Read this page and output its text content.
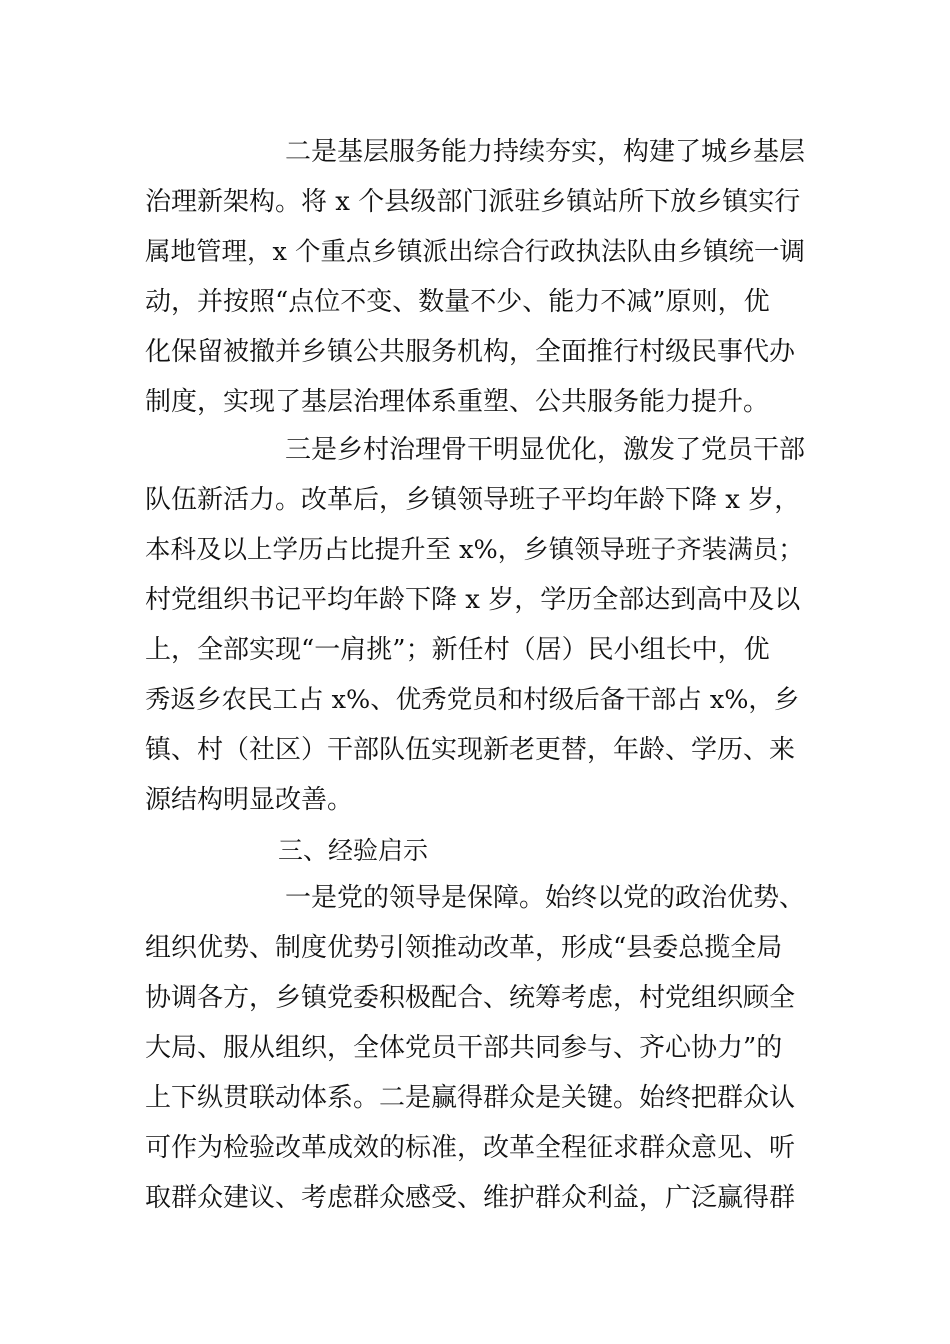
二是基层服务能力持续夯实，构建了城乡基层
治理新架构。将 x 个县级部门派驻乡镇站所下放乡镇实行
属地管理，x 个重点乡镇派出综合行政执法队由乡镇统一调
动，并按照“点位不变、数量不少、能力不减”原则，优
化保留被撤并乡镇公共服务机构，全面推行村级民事代办
制度，实现了基层治理体系重塑、公共服务能力提升。
三是乡村治理骨干明显优化，激发了党员干部
队伍新活力。改革后，乡镇领导班子平均年龄下降 x 岁，
本科及以上学历占比提升至 x%，乡镇领导班子齐装满员；
村党组织书记平均年龄下降 x 岁，学历全部达到高中及以
上，全部实现“一肩挑”；新任村（居）民小组长中，优
秀返乡农民工占 x%、优秀党员和村级后备干部占 x%，乡
镇、村（社区）干部队伍实现新老更替，年龄、学历、来
源结构明显改善。
三、经验启示
一是党的领导是保障。始终以党的政治优势、
组织优势、制度优势引领推动改革，形成“县委总揽全局
协调各方，乡镇党委积极配合、统筹考虑，村党组织顾全
大局、服从组织，全体党员干部共同参与、齐心协力”的
上下纵贯联动体系。二是赢得群众是关键。始终把群众认
可作为检验改革成效的标准，改革全程征求群众意见、听
取群众建议、考虑群众感受、维护群众利益，广泛赢得群
